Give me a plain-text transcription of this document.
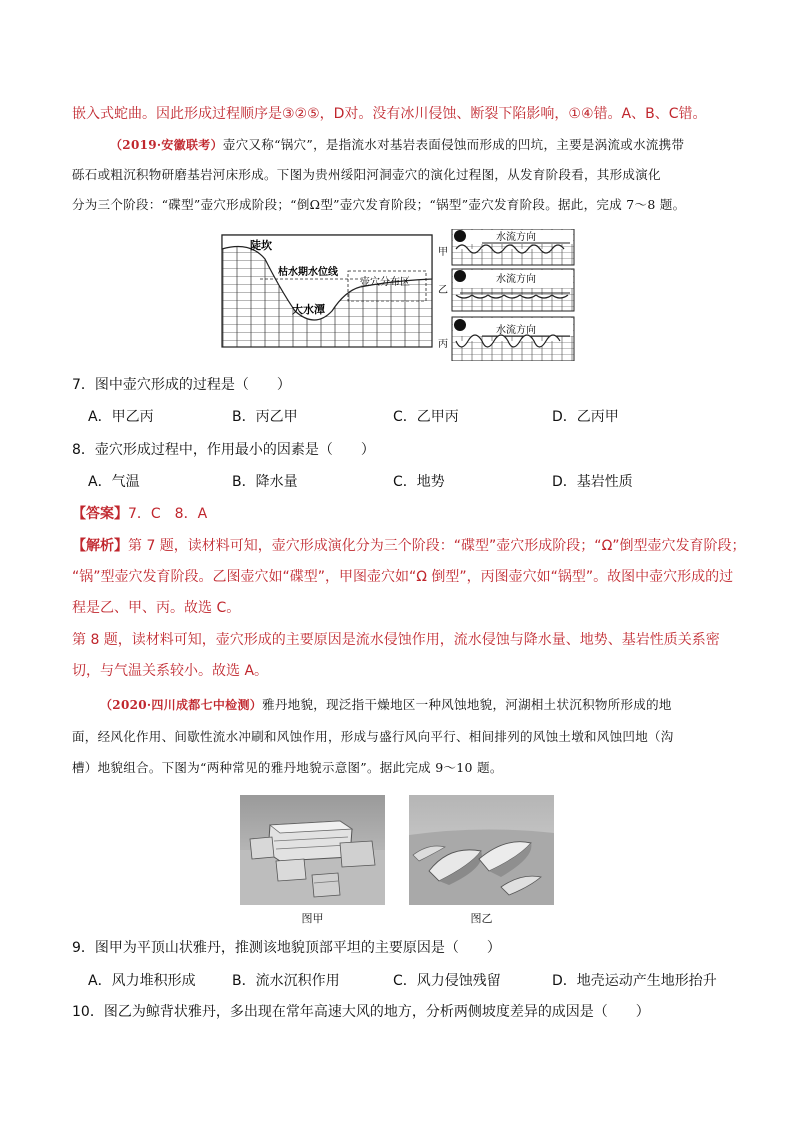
嵌入式蛇曲。因此形成过程顺序是③②⑤，D对。没有冰川侵蚀、断裂下陷影响，①④错。A、B、C错。
（2019·安徽联考）壶穴又称“锅穴”，是指流水对基岩表面侵蚀而形成的凹坑，主要是涡流或水流携带
砾石或粗沉积物研磨基岩河床形成。下图为贵州绥阳河洞壶穴的演化过程图，从发育阶段看，其形成演化
分为三个阶段：“碟型”壶穴形成阶段；“倒Ω型”壶穴发育阶段；“锅型”壶穴发育阶段。据此，完成 7～8 题。
陡坎
枯水期水位线
壶穴分布区
大水潭
甲
水流方向
乙
水流方向
丙
水流方向
7．图中壶穴形成的过程是（　　）
A．甲乙丙	B．丙乙甲	C．乙甲丙	D．乙丙甲
8．壶穴形成过程中，作用最小的因素是（　　）
A．气温	B．降水量	C．地势	D．基岩性质
【答案】7．C　8．A
【解析】第 7 题，读材料可知，壶穴形成演化分为三个阶段：“碟型”壶穴形成阶段；“Ω”倒型壶穴发育阶段；
“锅”型壶穴发育阶段。乙图壶穴如“碟型”，甲图壶穴如“Ω 倒型”，丙图壶穴如“锅型”。故图中壶穴形成的过
程是乙、甲、丙。故选 C。
第 8 题，读材料可知，壶穴形成的主要原因是流水侵蚀作用，流水侵蚀与降水量、地势、基岩性质关系密
切，与气温关系较小。故选 A。
（2020·四川成都七中检测）雅丹地貌，现泛指干燥地区一种风蚀地貌，河湖相土状沉积物所形成的地
面，经风化作用、间歇性流水冲刷和风蚀作用，形成与盛行风向平行、相间排列的风蚀土墩和风蚀凹地（沟
槽）地貌组合。下图为“两种常见的雅丹地貌示意图”。据此完成 9～10 题。
图甲	图乙
9．图甲为平顶山状雅丹，推测该地貌顶部平坦的主要原因是（　　）
A．风力堆积形成	B．流水沉积作用	C．风力侵蚀残留	D．地壳运动产生地形抬升
10．图乙为鲸背状雅丹，多出现在常年高速大风的地方，分析两侧坡度差异的成因是（　　）
